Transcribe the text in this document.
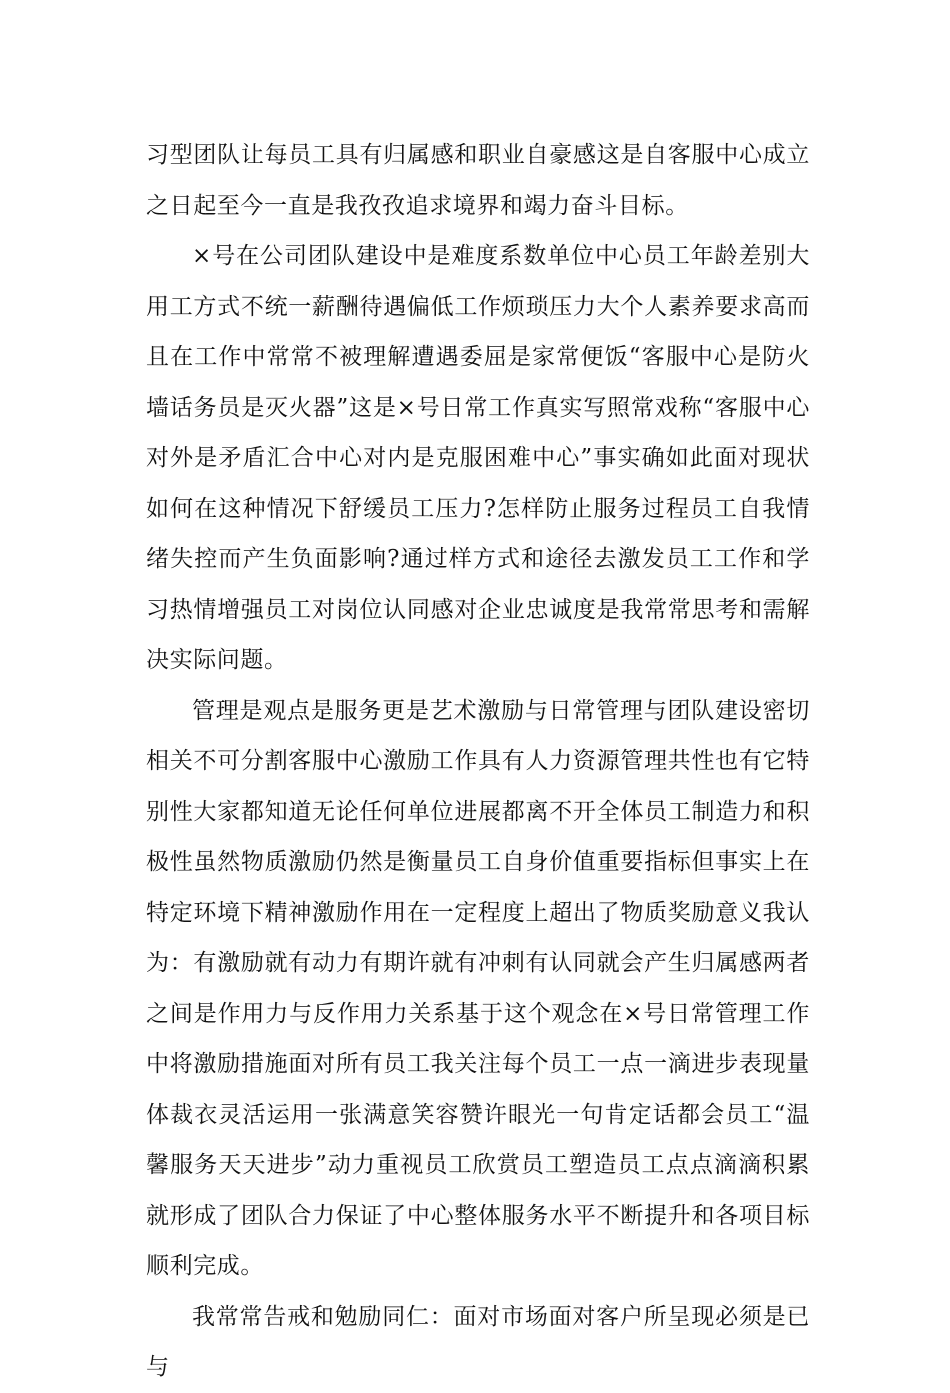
习型团队让每员工具有归属感和职业自豪感这是自客服中心成立之日起至今一直是我孜孜追求境界和竭力奋斗目标。

×号在公司团队建设中是难度系数单位中心员工年龄差别大用工方式不统一薪酬待遇偏低工作烦琐压力大个人素养要求高而且在工作中常常不被理解遭遇委屈是家常便饭“客服中心是防火墙话务员是灭火器”这是×号日常工作真实写照常戏称“客服中心对外是矛盾汇合中心对内是克服困难中心”事实确如此面对现状如何在这种情况下舒缓员工压力?怎样防止服务过程员工自我情绪失控而产生负面影响?通过样方式和途径去激发员工工作和学习热情增强员工对岗位认同感对企业忠诚度是我常常思考和需解决实际问题。

管理是观点是服务更是艺术激励与日常管理与团队建设密切相关不可分割客服中心激励工作具有人力资源管理共性也有它特别性大家都知道无论任何单位进展都离不开全体员工制造力和积极性虽然物质激励仍然是衡量员工自身价值重要指标但事实上在特定环境下精神激励作用在一定程度上超出了物质奖励意义我认为：有激励就有动力有期许就有冲刺有认同就会产生归属感两者之间是作用力与反作用力关系基于这个观念在×号日常管理工作中将激励措施面对所有员工我关注每个员工一点一滴进步表现量体裁衣灵活运用一张满意笑容赞许眼光一句肯定话都会员工“温馨服务天天进步”动力重视员工欣赏员工塑造员工点点滴滴积累就形成了团队合力保证了中心整体服务水平不断提升和各项目标顺利完成。

我常常告戒和勉励同仁：面对市场面对客户所呈现必须是已与
